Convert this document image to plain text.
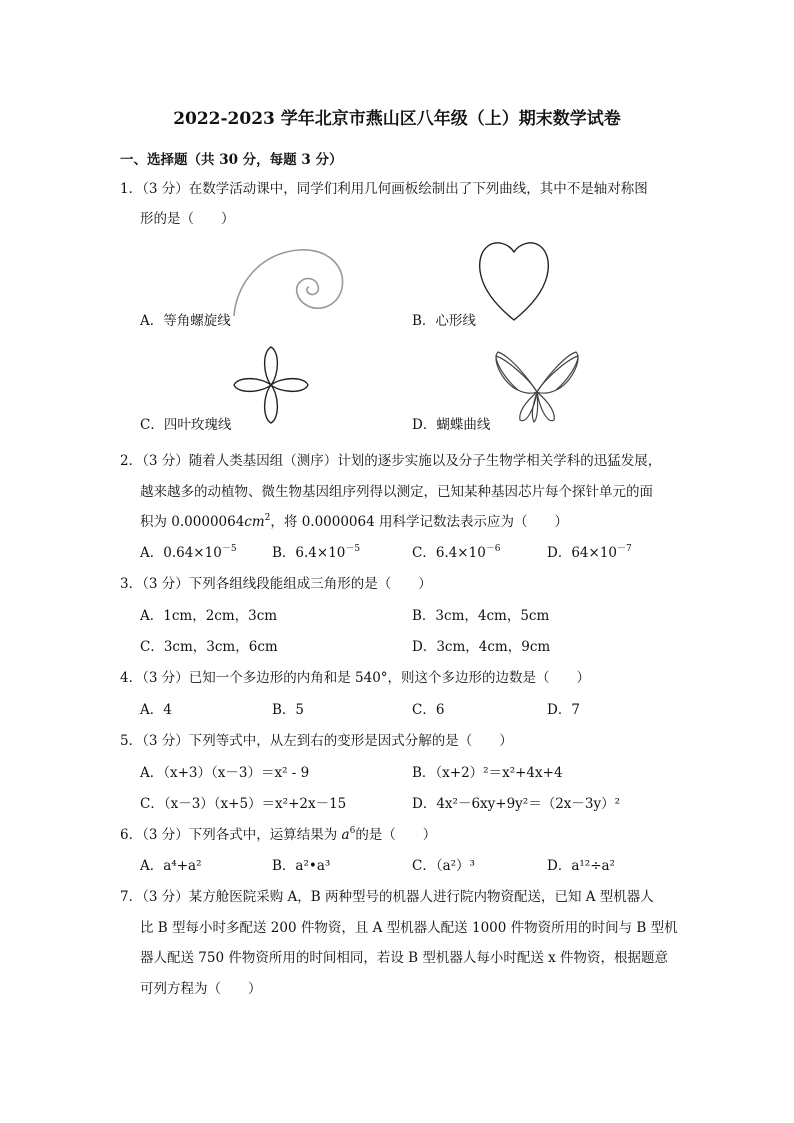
2022-2023 学年北京市燕山区八年级（上）期末数学试卷
一、选择题（共 30 分，每题 3 分）
1．（3 分）在数学活动课中，同学们利用几何画板绘制出了下列曲线，其中不是轴对称图
形的是（　　）
A．等角螺旋线	B．心形线
C．四叶玫瑰线	D．蝴蝶曲线
2．（3 分）随着人类基因组（测序）计划的逐步实施以及分子生物学相关学科的迅猛发展，
越来越多的动植物、微生物基因组序列得以测定，已知某种基因芯片每个探针单元的面
积为 $0.0000064cm^2$，将 0.0000064 用科学记数法表示应为（　　）
A．$0.64\times 10^{-5}$	B．$6.4\times 10^{-5}$	C．$6.4\times 10^{-6}$	D．$64\times 10^{-7}$
3．（3 分）下列各组线段能组成三角形的是（　　）
A．1cm，2cm，3cm	B．3cm，4cm，5cm
C．3cm，3cm，6cm	D．3cm，4cm，9cm
4．（3 分）已知一个多边形的内角和是 540°，则这个多边形的边数是（　　）
A．4	B．5	C．6	D．7
5．（3 分）下列等式中，从左到右的变形是因式分解的是（　　）
A．（x+3）（x－3）＝x² - 9	B．（x+2）²＝x²+4x+4
C．（x－3）（x+5）＝x²+2x－15	D．4x²－6xy+9y²＝（2x－3y）²
6．（3 分）下列各式中，运算结果为 $a^6$的是（　　）
A．a⁴+a²	B．a²•a³	C．（a²）³	D．a¹²÷a²
7．（3 分）某方舱医院采购 A，B 两种型号的机器人进行院内物资配送，已知 A 型机器人
比 B 型每小时多配送 200 件物资，且 A 型机器人配送 1000 件物资所用的时间与 B 型机
器人配送 750 件物资所用的时间相同，若设 B 型机器人每小时配送 x 件物资，根据题意
可列方程为（　　）
